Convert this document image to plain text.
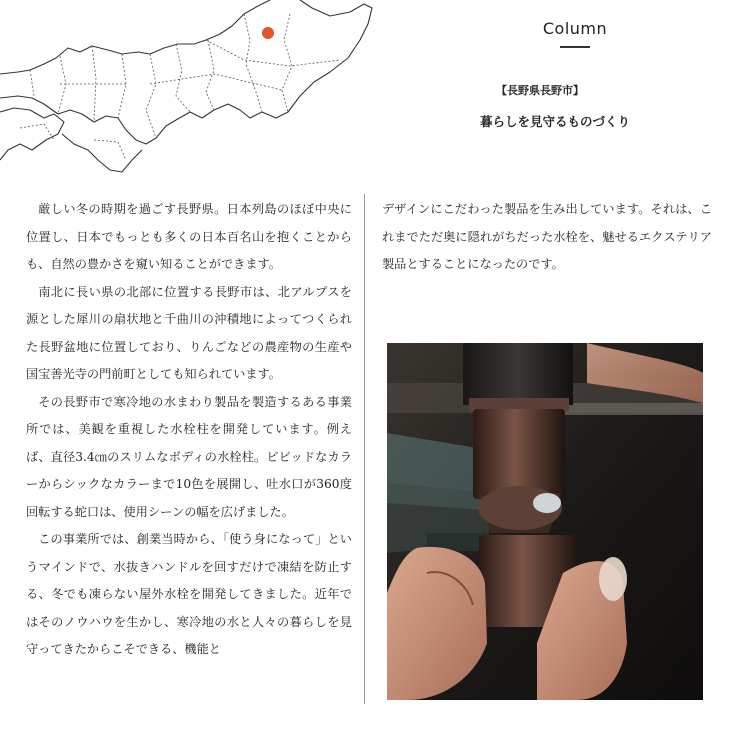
Column
【長野県長野市】
暮らしを見守るものづくり

厳しい冬の時期を過ごす長野県。日本列島のほぼ中央に位置し、日本でもっとも多くの日本百名山を抱くことからも、自然の豊かさを窺い知ることができます。

南北に長い県の北部に位置する長野市は、北アルプスを源とした犀川の扇状地と千曲川の沖積地によってつくられた長野盆地に位置しており、りんごなどの農産物の生産や国宝善光寺の門前町としても知られています。

その長野市で寒冷地の水まわり製品を製造するある事業所では、美観を重視した水栓柱を開発しています。例えば、直径3.4㎝のスリムなボディの水栓柱。ビビッドなカラーからシックなカラーまで10色を展開し、吐水口が360度回転する蛇口は、使用シーンの幅を広げました。

この事業所では、創業当時から、「使う身になって」というマインドで、水抜きハンドルを回すだけで凍結を防止する、冬でも凍らない屋外水栓を開発してきました。近年ではそのノウハウを生かし、寒冷地の水と人々の暮らしを見守ってきたからこそできる、機能と

デザインにこだわった製品を生み出しています。それは、これまでただ奥に隠れがちだった水栓を、魅せるエクステリア製品とすることになったのです。
